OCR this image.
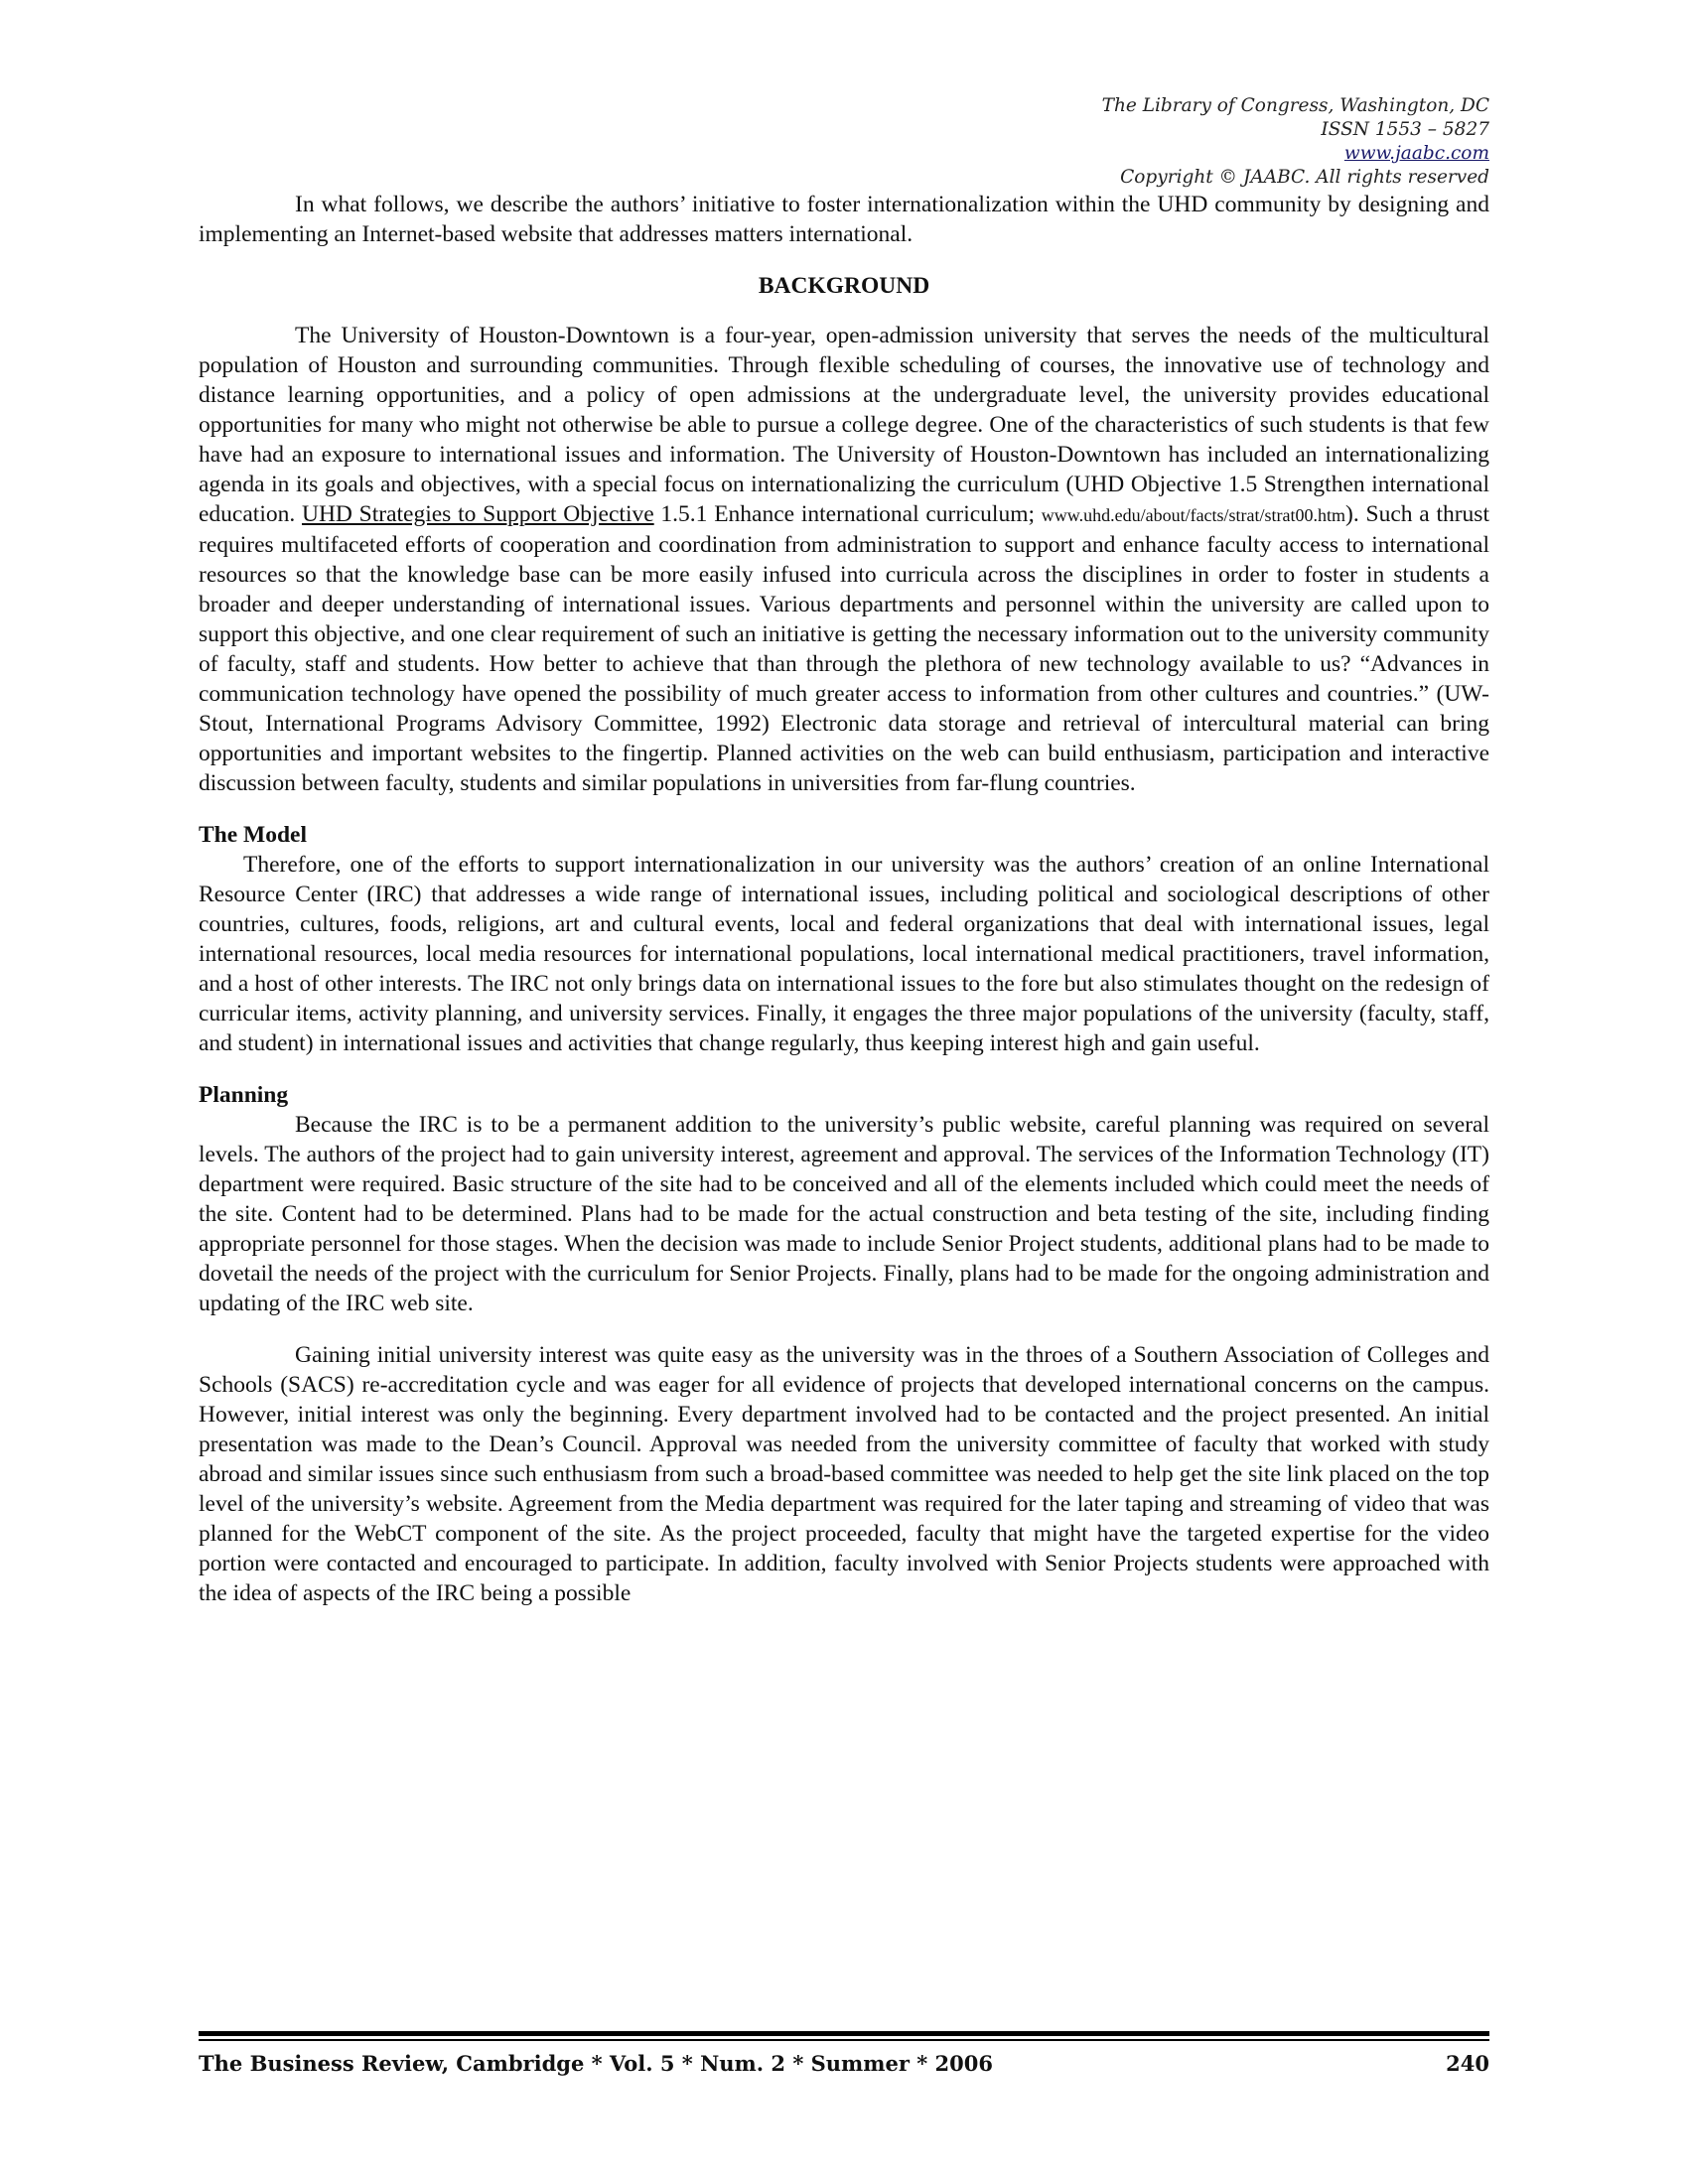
The Library of Congress, Washington, DC
ISSN 1553 – 5827
www.jaabc.com
Copyright © JAABC. All rights reserved

In what follows, we describe the authors’ initiative to foster internationalization within the UHD community by designing and implementing an Internet-based website that addresses matters international.

BACKGROUND

The University of Houston-Downtown is a four-year, open-admission university that serves the needs of the multicultural population of Houston and surrounding communities. Through flexible scheduling of courses, the innovative use of technology and distance learning opportunities, and a policy of open admissions at the undergraduate level, the university provides educational opportunities for many who might not otherwise be able to pursue a college degree. One of the characteristics of such students is that few have had an exposure to international issues and information. The University of Houston-Downtown has included an internationalizing agenda in its goals and objectives, with a special focus on internationalizing the curriculum (UHD Objective 1.5 Strengthen international education. UHD Strategies to Support Objective 1.5.1 Enhance international curriculum; www.uhd.edu/about/facts/strat/strat00.htm). Such a thrust requires multifaceted efforts of cooperation and coordination from administration to support and enhance faculty access to international resources so that the knowledge base can be more easily infused into curricula across the disciplines in order to foster in students a broader and deeper understanding of international issues. Various departments and personnel within the university are called upon to support this objective, and one clear requirement of such an initiative is getting the necessary information out to the university community of faculty, staff and students. How better to achieve that than through the plethora of new technology available to us? “Advances in communication technology have opened the possibility of much greater access to information from other cultures and countries.” (UW-Stout, International Programs Advisory Committee, 1992) Electronic data storage and retrieval of intercultural material can bring opportunities and important websites to the fingertip. Planned activities on the web can build enthusiasm, participation and interactive discussion between faculty, students and similar populations in universities from far-flung countries.

The Model

Therefore, one of the efforts to support internationalization in our university was the authors’ creation of an online International Resource Center (IRC) that addresses a wide range of international issues, including political and sociological descriptions of other countries, cultures, foods, religions, art and cultural events, local and federal organizations that deal with international issues, legal international resources, local media resources for international populations, local international medical practitioners, travel information, and a host of other interests. The IRC not only brings data on international issues to the fore but also stimulates thought on the redesign of curricular items, activity planning, and university services. Finally, it engages the three major populations of the university (faculty, staff, and student) in international issues and activities that change regularly, thus keeping interest high and gain useful.

Planning

Because the IRC is to be a permanent addition to the university’s public website, careful planning was required on several levels. The authors of the project had to gain university interest, agreement and approval. The services of the Information Technology (IT) department were required. Basic structure of the site had to be conceived and all of the elements included which could meet the needs of the site. Content had to be determined. Plans had to be made for the actual construction and beta testing of the site, including finding appropriate personnel for those stages. When the decision was made to include Senior Project students, additional plans had to be made to dovetail the needs of the project with the curriculum for Senior Projects. Finally, plans had to be made for the ongoing administration and updating of the IRC web site.

Gaining initial university interest was quite easy as the university was in the throes of a Southern Association of Colleges and Schools (SACS) re-accreditation cycle and was eager for all evidence of projects that developed international concerns on the campus. However, initial interest was only the beginning. Every department involved had to be contacted and the project presented. An initial presentation was made to the Dean’s Council. Approval was needed from the university committee of faculty that worked with study abroad and similar issues since such enthusiasm from such a broad-based committee was needed to help get the site link placed on the top level of the university’s website. Agreement from the Media department was required for the later taping and streaming of video that was planned for the WebCT component of the site. As the project proceeded, faculty that might have the targeted expertise for the video portion were contacted and encouraged to participate. In addition, faculty involved with Senior Projects students were approached with the idea of aspects of the IRC being a possible

The Business Review, Cambridge * Vol. 5 * Num. 2 * Summer * 2006	240
